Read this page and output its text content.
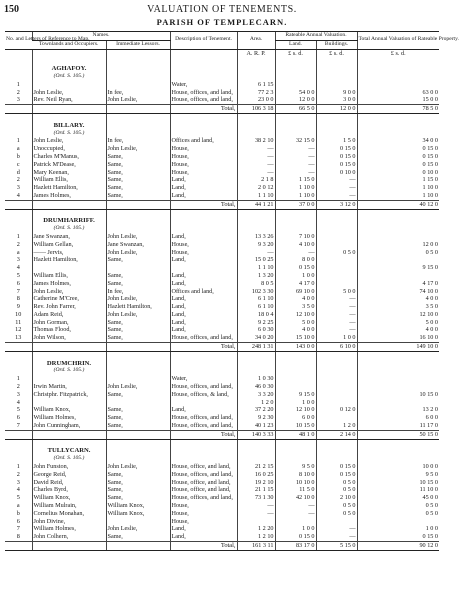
150	VALUATION OF TENEMENTS.
PARISH OF TEMPLECARN.
No. and Letters of Reference to Map.	Names.		Description of Tenement.	Area.	Rateable Annual Valuation.		Total Annual Valuation of Rateable Property.
	Townlands and Occupiers.	Immediate Lessors.			Land.	Buildings.	
				A. R. P.	£ s. d.	£ s. d.	£ s. d.

	AGHAFOY.						
	(Ord. S. 105.)						
1			Water,	6 1 15			
2	John Leslie,	In fee,	House, offices, and land,	77 2 3	54 0 0	9 0 0	63 0 0
3	Rev. Neil Ryan,	John Leslie,	House, offices, and land,	23 0 0	12 0 0	3 0 0	15 0 0
			Total,	106 3 18	66 5 0	12 0 0	78 5 0

	BILLARY.						
	(Ord. S. 105.)						
1	John Leslie,	In fee,	Offices and land,	38 2 10	32 15 0	1 5 0	34 0 0
a	Unoccupied,	John Leslie,	House,	—	—	0 15 0	0 15 0
b	Charles M'Manus,	Same,	House,	—	—	0 15 0	0 15 0
c	Patrick M'Dease,	Same,	House,	—	—	0 15 0	0 15 0
d	Mary Keenan,	Same,	House,	—	—	0 10 0	0 10 0
2	William Ellis,	Same,	Land,	2 1 8	1 15 0	—	1 15 0
3	Hazlett Hamilton,	Same,	Land,	2 0 12	1 10 0	—	1 10 0
4	James Holmes,	Same,	Land,	1 1 10	1 10 0	—	1 10 0
			Total,	44 1 21	37 0 0	3 12 0	40 12 0

	DRUMHARRIFF.						
	(Ord. S. 105.)						
1	Jane Swanzan,	John Leslie,	Land,	13 3 26	7 10 0		
2	William Gellan,	Jane Swanzan,	House,	9 3 20	4 10 0		12 0 0
a	—— Jervis,	John Leslie,	House,	—	—	0 5 0	0 5 0
3	Hazlett Hamilton,	Same,	Land,	15 0 25	8 0 0		
4				1 1 10	0 15 0		9 15 0
5	William Ellis,	Same,	Land,	1 3 20	1 0 0		
6	James Holmes,	Same,	Land,	8 0 5	4 17 0		4 17 0
7	John Leslie,	In fee,	Offices and land,	102 3 30	69 10 0	5 0 0	74 10 0
8	Catherine M'Cree,	John Leslie,	Land,	6 1 10	4 0 0	—	4 0 0
9	Rev. John Farrer,	Hazlett Hamilton,	Land,	6 1 10	3 5 0	—	3 5 0
10	Adam Reid,	John Leslie,	Land,	18 0 4	12 10 0	—	12 10 0
11	John Gorman,	Same,	Land,	9 2 25	5 0 0	—	5 0 0
12	Thomas Flood,	Same,	Land,	6 0 30	4 0 0	—	4 0 0
13	John Wilson,	Same,	House, offices, and land,	34 0 20	15 10 0	1 0 0	16 10 0
			Total,	248 1 31	143 0 0	6 10 0	149 10 0

	DRUMCHRIN.						
	(Ord. S. 105.)						
1			Water,	1 0 30			
2	Irwin Martin,	John Leslie,	House, offices, and land,	46 0 30			
3	Christphr. Fitzpatrick,	Same,	House, offices, & land,	3 3 20	9 15 0		10 15 0
4				1 2 0	1 0 0		
5	William Knox,	Same,	Land,	37 2 20	12 10 0	0 12 0	13 2 0
6	William Holmes,	Same,	House, offices, and land,	9 2 30	6 0 0		6 0 0
7	John Cunningham,	Same,	House, offices, and land,	40 1 23	10 15 0	1 2 0	11 17 0
			Total,	140 3 33	48 1 0	2 14 0	50 15 0

	TULLYCARN.						
	(Ord. S. 105.)						
1	John Funston,	John Leslie,	House, office, and land,	21 2 15	9 5 0	0 15 0	10 0 0
2	George Reid,	Same,	House, offices, and land,	16 0 25	8 10 0	0 15 0	9 5 0
3	David Reid,	Same,	House, office, and land,	19 2 10	10 10 0	0 5 0	10 15 0
4	Charles Byrd,	Same,	House, office, and land,	21 1 15	11 5 0	0 5 0	11 10 0
5	William Knox,	Same,	House, offices, and land,	73 1 30	42 10 0	2 10 0	45 0 0
a	William Mulrain,	William Knox,	House,	—	—	0 5 0	0 5 0
b	Cornelius Monahan,	William Knox,	House,	—	—	0 5 0	0 5 0
6	John Divine,		House,				
7	William Holmes,	John Leslie,	Land,	1 2 20	1 0 0	—	1 0 0
8	John Colhern,	Same,	Land,	1 2 10	0 15 0	—	0 15 0
			Total,	161 3 11	83 17 0	5 15 0	90 12 0
